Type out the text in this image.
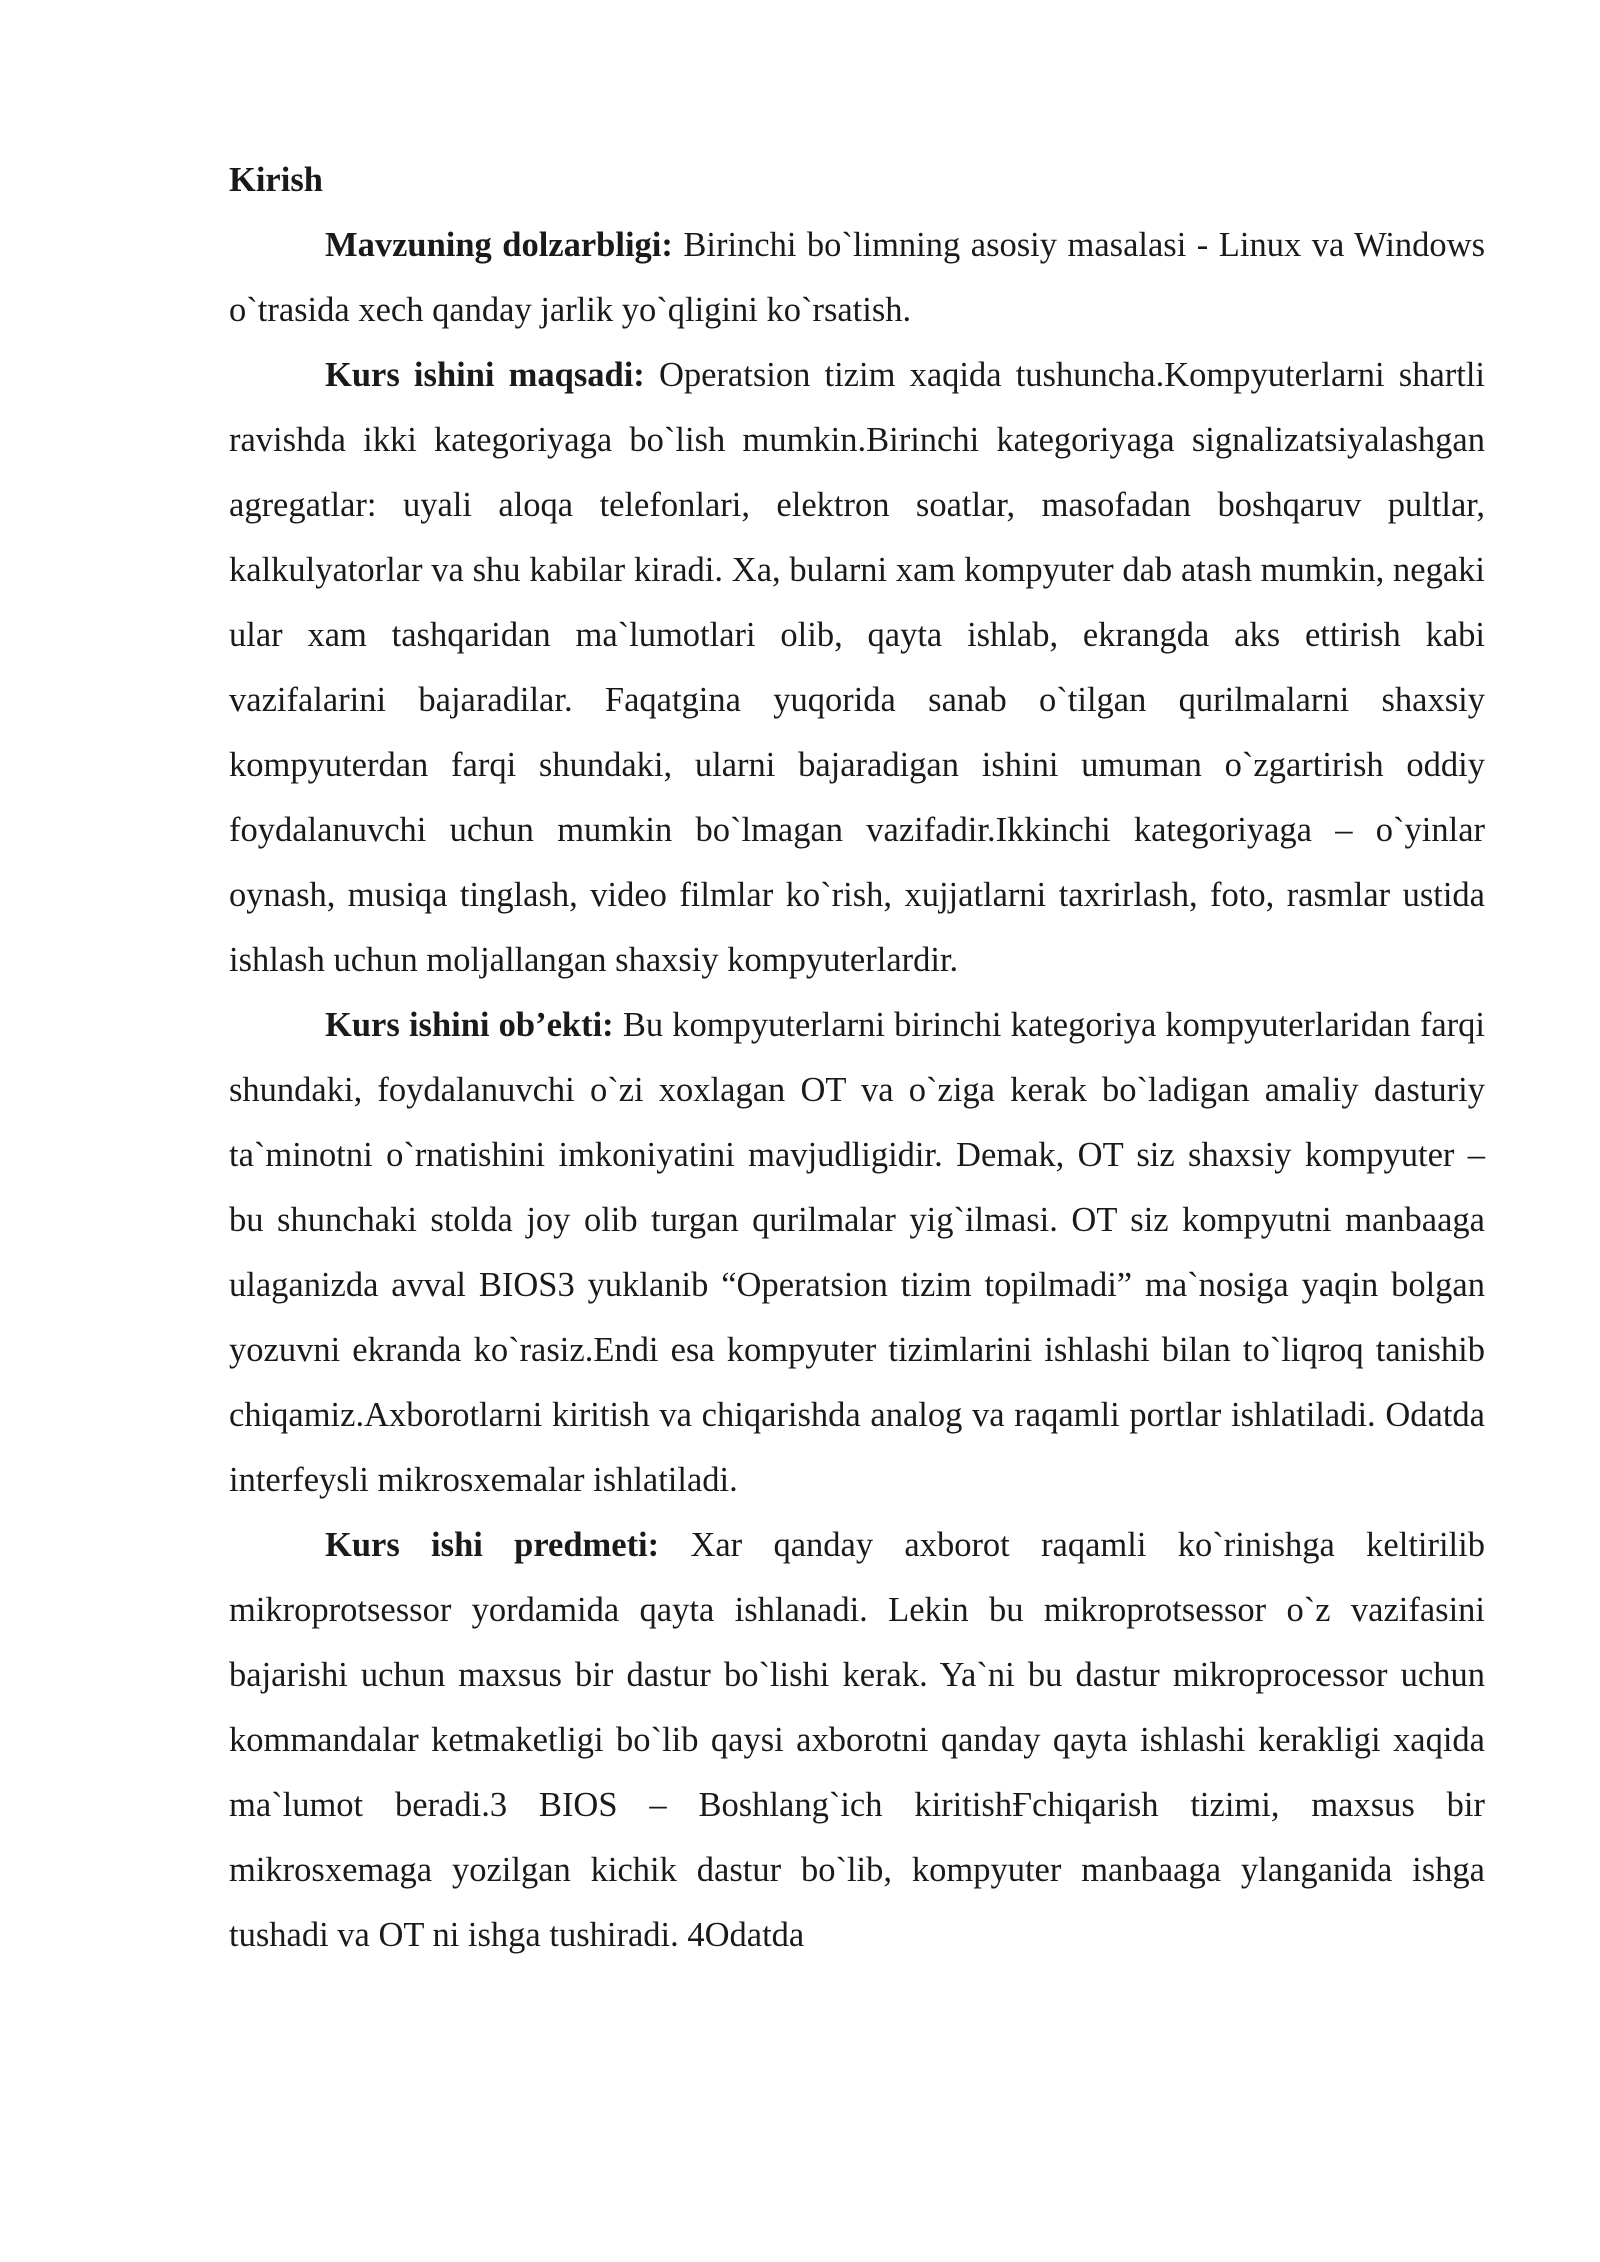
Kirish

Mavzuning dolzarbligi: Birinchi bo`limning asosiy masalasi - Linux va Windows o`trasida xech qanday jarlik yo`qligini ko`rsatish.

Kurs ishini maqsadi: Operatsion tizim xaqida tushuncha.Kompyuterlarni shartli ravishda ikki kategoriyaga bo`lish mumkin.Birinchi kategoriyaga signalizatsiyalashgan agregatlar: uyali aloqa telefonlari, elektron soatlar, masofadan boshqaruv pultlar, kalkulyatorlar va shu kabilar kiradi. Xa, bularni xam kompyuter dab atash mumkin, negaki ular xam tashqaridan ma`lumotlari olib, qayta ishlab, ekrangda aks ettirish kabi vazifalarini bajaradilar. Faqatgina yuqorida sanab o`tilgan qurilmalarni shaxsiy kompyuterdan farqi shundaki, ularni bajaradigan ishini umuman o`zgartirish oddiy foydalanuvchi uchun mumkin bo`lmagan vazifadir.Ikkinchi kategoriyaga – o`yinlar oynash, musiqa tinglash, video filmlar ko`rish, xujjatlarni taxrirlash, foto, rasmlar ustida ishlash uchun moljallangan shaxsiy kompyuterlardir.

Kurs ishini ob’ekti: Bu kompyuterlarni birinchi kategoriya kompyuterlaridan farqi shundaki, foydalanuvchi o`zi xoxlagan OT va o`ziga kerak bo`ladigan amaliy dasturiy ta`minotni o`rnatishini imkoniyatini mavjudligidir. Demak, OT siz shaxsiy kompyuter – bu shunchaki stolda joy olib turgan qurilmalar yig`ilmasi. OT siz kompyutni manbaaga ulaganizda avval BIOS3 yuklanib “Operatsion tizim topilmadi” ma`nosiga yaqin bolgan yozuvni ekranda ko`rasiz.Endi esa kompyuter tizimlarini ishlashi bilan to`liqroq tanishib chiqamiz.Axborotlarni kiritish va chiqarishda analog va raqamli portlar ishlatiladi. Odatda interfeysli mikrosxemalar ishlatiladi.

Kurs ishi predmeti: Xar qanday axborot raqamli ko`rinishga keltirilib mikroprotsessor yordamida qayta ishlanadi. Lekin bu mikroprotsessor o`z vazifasini bajarishi uchun maxsus bir dastur bo`lishi kerak. Ya`ni bu dastur mikroprocessor uchun kommandalar ketmaketligi bo`lib qaysi axborotni qanday qayta ishlashi kerakligi xaqida ma`lumot beradi.3 BIOS – Boshlang`ich kiritishҒchiqarish tizimi, maxsus bir mikrosxemaga yozilgan kichik dastur bo`lib, kompyuter manbaaga ylanganida ishga tushadi va OT ni ishga tushiradi. 4Odatda
